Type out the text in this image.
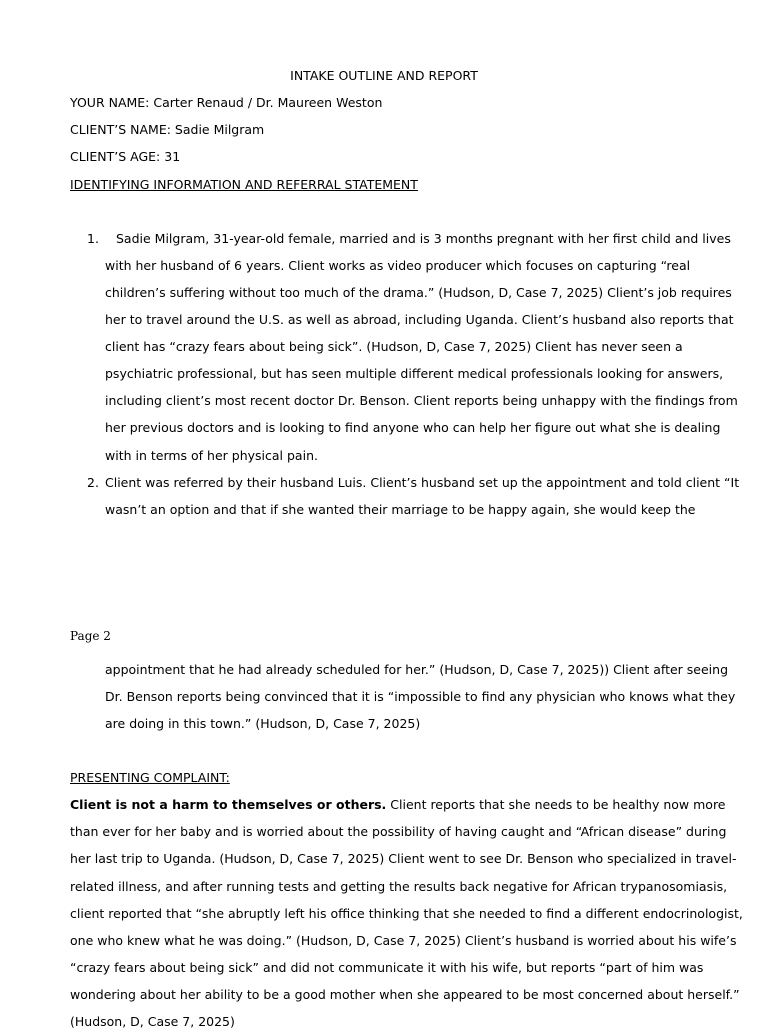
INTAKE OUTLINE AND REPORT
YOUR NAME: Carter Renaud / Dr. Maureen Weston
CLIENT’S NAME: Sadie Milgram
CLIENT’S AGE: 31
IDENTIFYING INFORMATION AND REFERRAL STATEMENT
1. Sadie Milgram, 31-year-old female, married and is 3 months pregnant with her first child and lives
with her husband of 6 years. Client works as video producer which focuses on capturing “real
children’s suffering without too much of the drama.” (Hudson, D, Case 7, 2025) Client’s job requires
her to travel around the U.S. as well as abroad, including Uganda. Client’s husband also reports that
client has “crazy fears about being sick”. (Hudson, D, Case 7, 2025) Client has never seen a
psychiatric professional, but has seen multiple different medical professionals looking for answers,
including client’s most recent doctor Dr. Benson. Client reports being unhappy with the findings from
her previous doctors and is looking to find anyone who can help her figure out what she is dealing
with in terms of her physical pain.
2. Client was referred by their husband Luis. Client’s husband set up the appointment and told client “It
wasn’t an option and that if she wanted their marriage to be happy again, she would keep the
Page 2
appointment that he had already scheduled for her.” (Hudson, D, Case 7, 2025)) Client after seeing
Dr. Benson reports being convinced that it is “impossible to find any physician who knows what they
are doing in this town.” (Hudson, D, Case 7, 2025)
PRESENTING COMPLAINT:
Client is not a harm to themselves or others. Client reports that she needs to be healthy now more
than ever for her baby and is worried about the possibility of having caught and “African disease” during
her last trip to Uganda. (Hudson, D, Case 7, 2025) Client went to see Dr. Benson who specialized in travel-
related illness, and after running tests and getting the results back negative for African trypanosomiasis,
client reported that “she abruptly left his office thinking that she needed to find a different endocrinologist,
one who knew what he was doing.” (Hudson, D, Case 7, 2025) Client’s husband is worried about his wife’s
“crazy fears about being sick” and did not communicate it with his wife, but reports “part of him was
wondering about her ability to be a good mother when she appeared to be most concerned about herself.”
(Hudson, D, Case 7, 2025)
